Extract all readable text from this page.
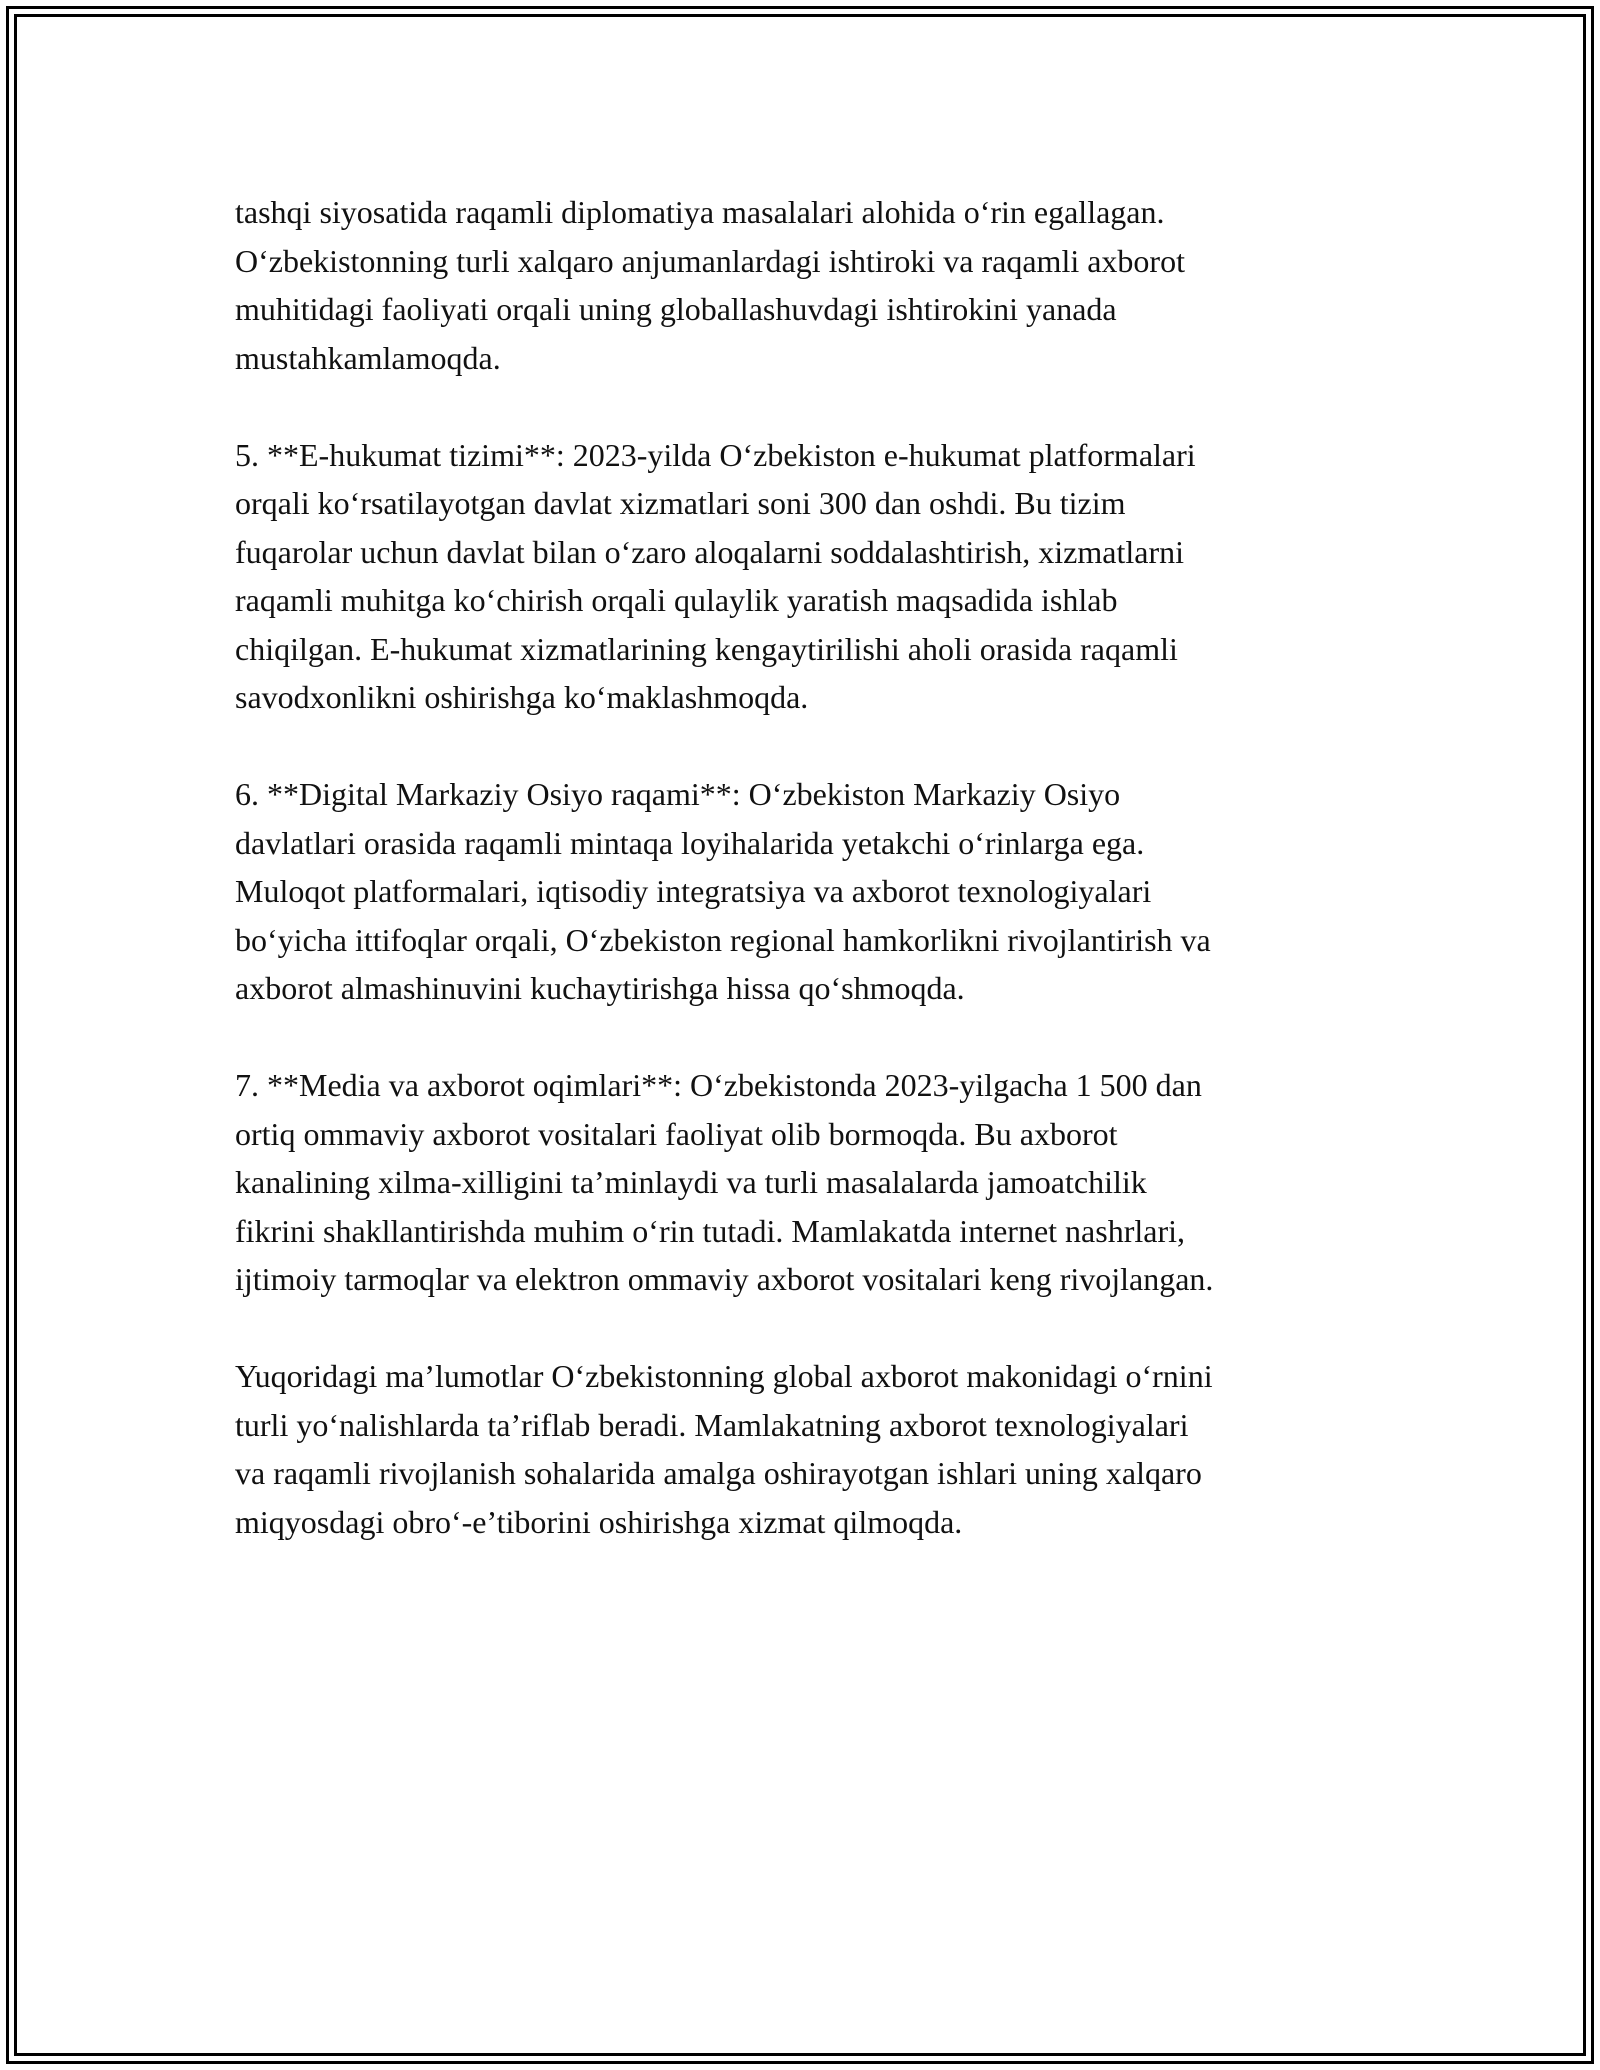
tashqi siyosatida raqamli diplomatiya masalalari alohida o‘rin egallagan.
O‘zbekistonning turli xalqaro anjumanlardagi ishtiroki va raqamli axborot
muhitidagi faoliyati orqali uning globallashuvdagi ishtirokini yanada
mustahkamlamoqda.

5. **E-hukumat tizimi**: 2023-yilda O‘zbekiston e-hukumat platformalari
orqali ko‘rsatilayotgan davlat xizmatlari soni 300 dan oshdi. Bu tizim
fuqarolar uchun davlat bilan o‘zaro aloqalarni soddalashtirish, xizmatlarni
raqamli muhitga ko‘chirish orqali qulaylik yaratish maqsadida ishlab
chiqilgan. E-hukumat xizmatlarining kengaytirilishi aholi orasida raqamli
savodxonlikni oshirishga ko‘maklashmoqda.

6. **Digital Markaziy Osiyo raqami**: O‘zbekiston Markaziy Osiyo
davlatlari orasida raqamli mintaqa loyihalarida yetakchi o‘rinlarga ega.
Muloqot platformalari, iqtisodiy integratsiya va axborot texnologiyalari
bo‘yicha ittifoqlar orqali, O‘zbekiston regional hamkorlikni rivojlantirish va
axborot almashinuvini kuchaytirishga hissa qo‘shmoqda.

7. **Media va axborot oqimlari**: O‘zbekistonda 2023-yilgacha 1 500 dan
ortiq ommaviy axborot vositalari faoliyat olib bormoqda. Bu axborot
kanalining xilma-xilligini ta’minlaydi va turli masalalarda jamoatchilik
fikrini shakllantirishda muhim o‘rin tutadi. Mamlakatda internet nashrlari,
ijtimoiy tarmoqlar va elektron ommaviy axborot vositalari keng rivojlangan.

Yuqoridagi ma’lumotlar O‘zbekistonning global axborot makonidagi o‘rnini
turli yo‘nalishlarda ta’riflab beradi. Mamlakatning axborot texnologiyalari
va raqamli rivojlanish sohalarida amalga oshirayotgan ishlari uning xalqaro
miqyosdagi obro‘-e’tiborini oshirishga xizmat qilmoqda.
